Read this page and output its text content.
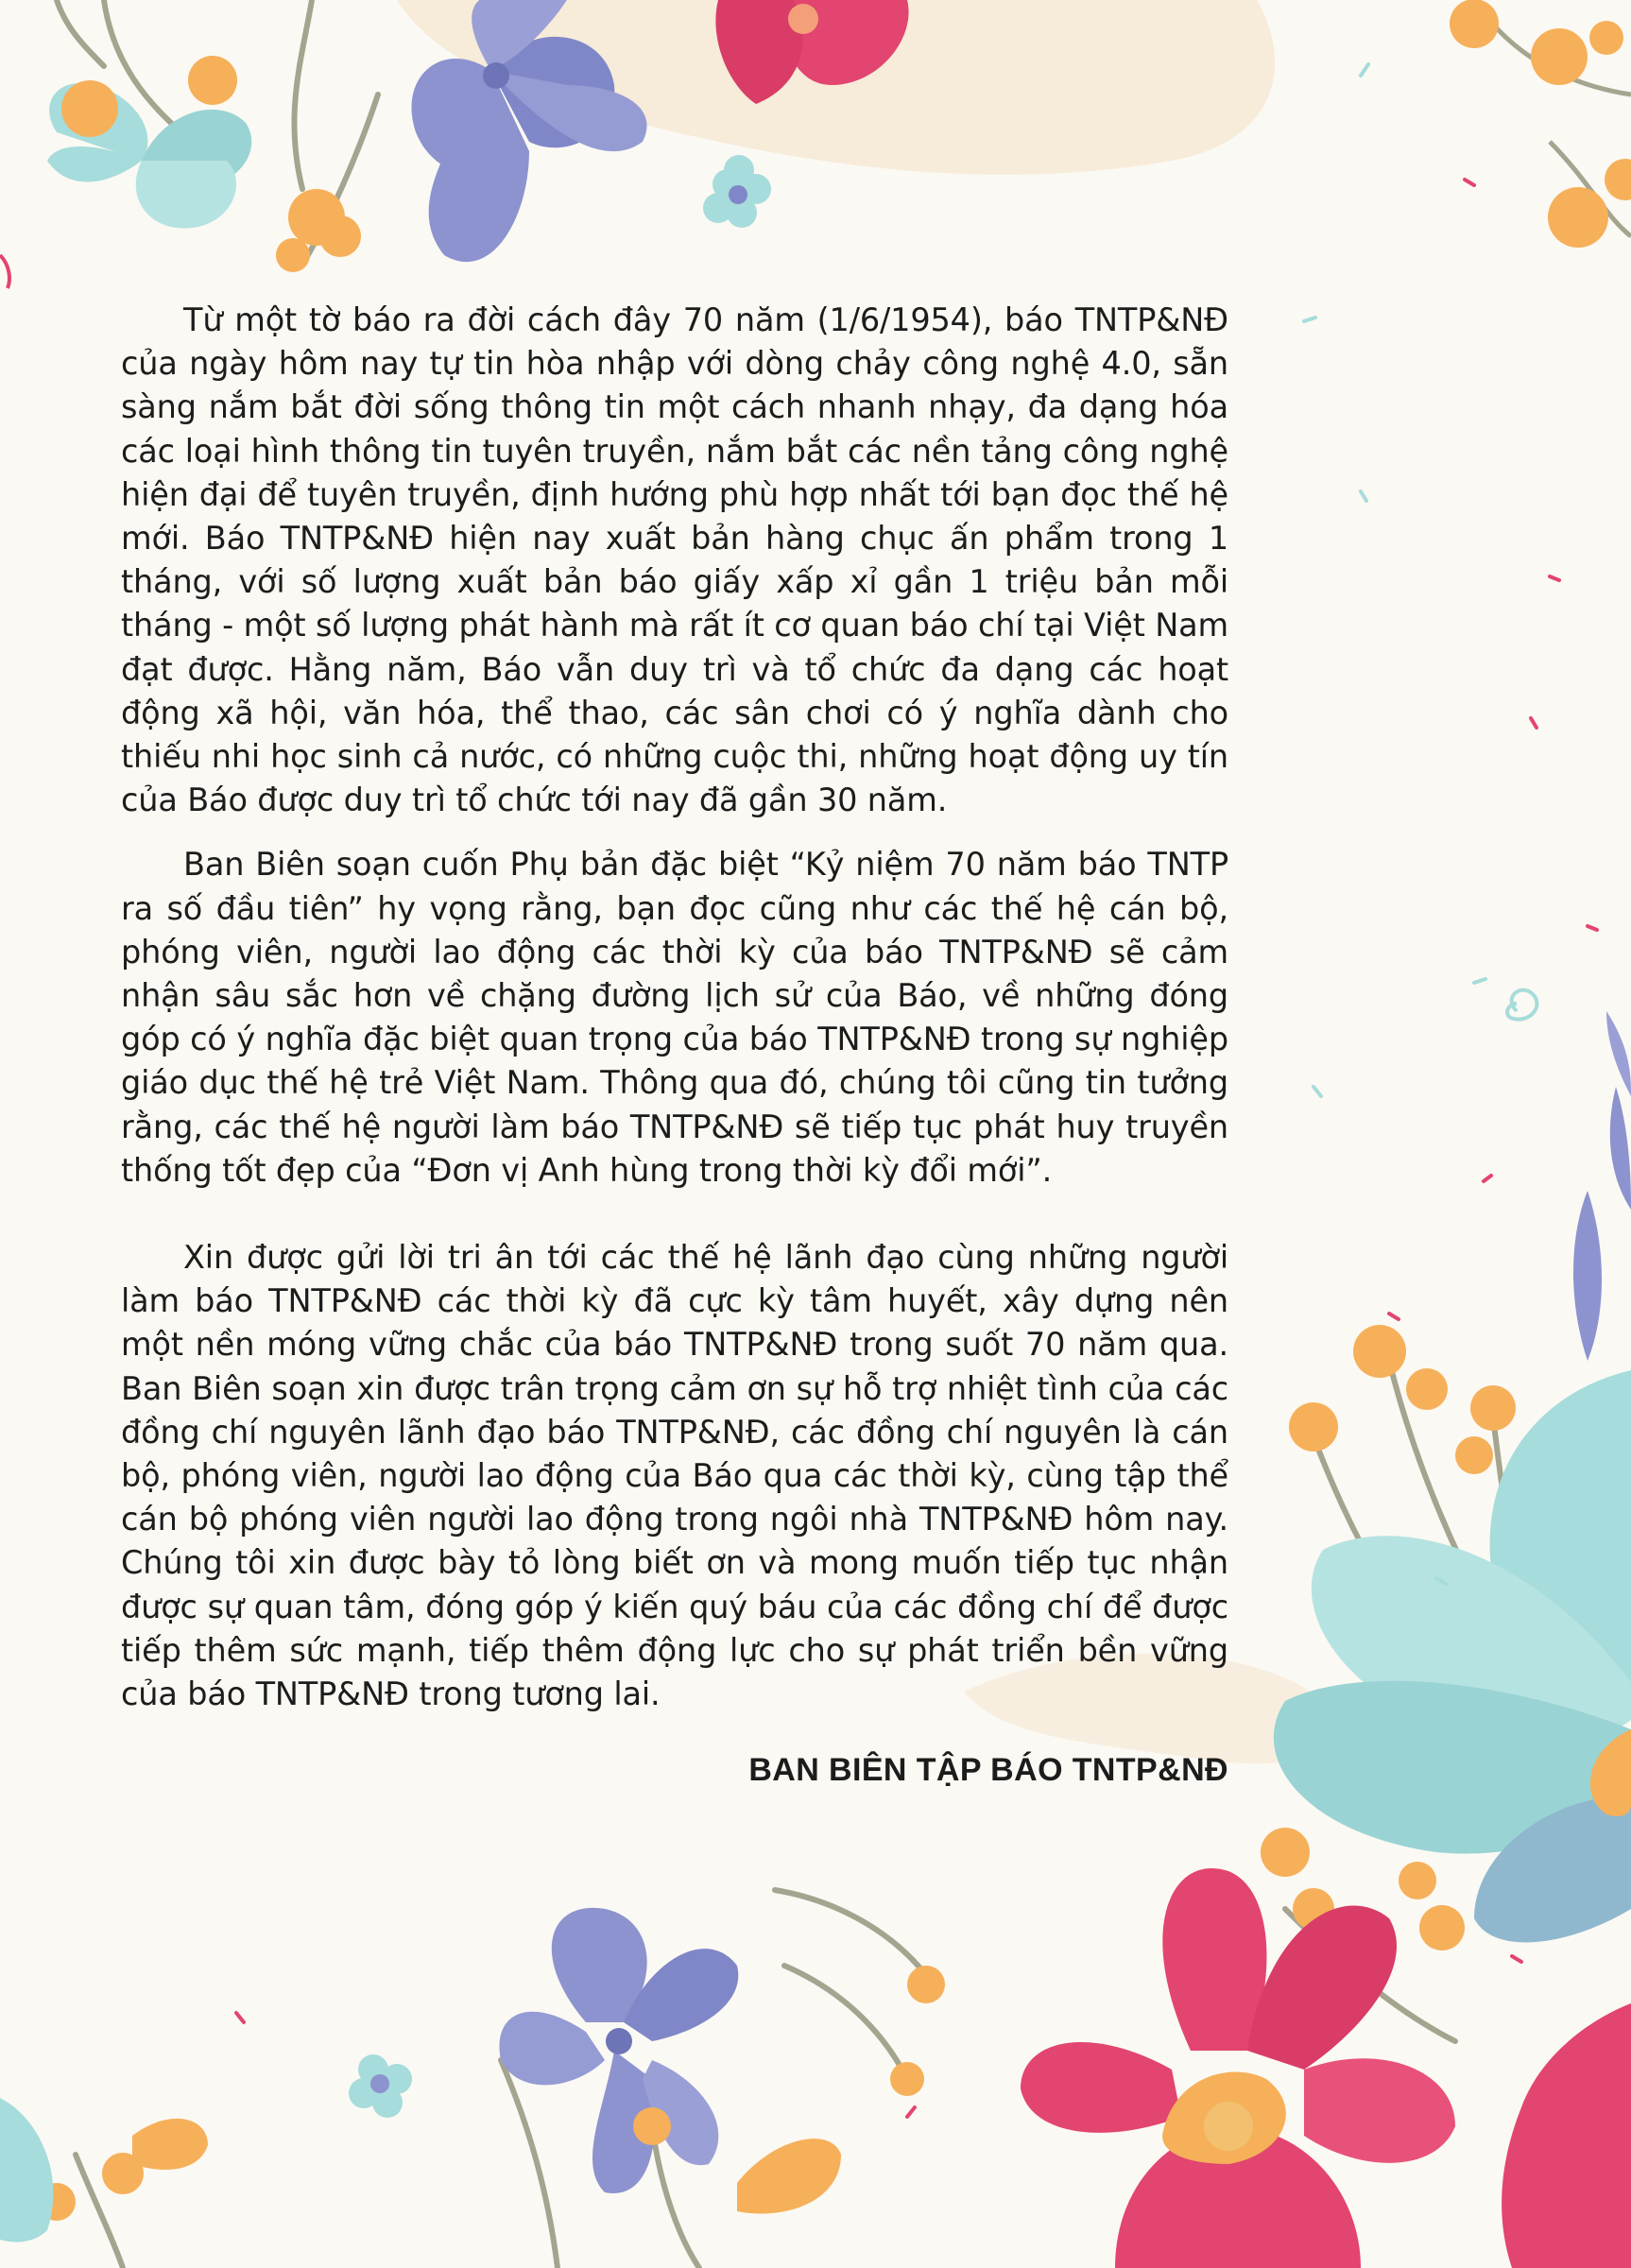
Từ một tờ báo ra đời cách đây 70 năm (1/6/1954), báo TNTP&NĐ của ngày hôm nay tự tin hòa nhập với dòng chảy công nghệ 4.0, sẵn sàng nắm bắt đời sống thông tin một cách nhanh nhạy, đa dạng hóa các loại hình thông tin tuyên truyền, nắm bắt các nền tảng công nghệ hiện đại để tuyên truyền, định hướng phù hợp nhất tới bạn đọc thế hệ mới. Báo TNTP&NĐ hiện nay xuất bản hàng chục ấn phẩm trong 1 tháng, với số lượng xuất bản báo giấy xấp xỉ gần 1 triệu bản mỗi tháng - một số lượng phát hành mà rất ít cơ quan báo chí tại Việt Nam đạt được. Hằng năm, Báo vẫn duy trì và tổ chức đa dạng các hoạt động xã hội, văn hóa, thể thao, các sân chơi có ý nghĩa dành cho thiếu nhi học sinh cả nước, có những cuộc thi, những hoạt động uy tín của Báo được duy trì tổ chức tới nay đã gần 30 năm.

Ban Biên soạn cuốn Phụ bản đặc biệt “Kỷ niệm 70 năm báo TNTP ra số đầu tiên” hy vọng rằng, bạn đọc cũng như các thế hệ cán bộ, phóng viên, người lao động các thời kỳ của báo TNTP&NĐ sẽ cảm nhận sâu sắc hơn về chặng đường lịch sử của Báo, về những đóng góp có ý nghĩa đặc biệt quan trọng của báo TNTP&NĐ trong sự nghiệp giáo dục thế hệ trẻ Việt Nam. Thông qua đó, chúng tôi cũng tin tưởng rằng, các thế hệ người làm báo TNTP&NĐ sẽ tiếp tục phát huy truyền thống tốt đẹp của “Đơn vị Anh hùng trong thời kỳ đổi mới”.

Xin được gửi lời tri ân tới các thế hệ lãnh đạo cùng những người làm báo TNTP&NĐ các thời kỳ đã cực kỳ tâm huyết, xây dựng nên một nền móng vững chắc của báo TNTP&NĐ trong suốt 70 năm qua. Ban Biên soạn xin được trân trọng cảm ơn sự hỗ trợ nhiệt tình của các đồng chí nguyên lãnh đạo báo TNTP&NĐ, các đồng chí nguyên là cán bộ, phóng viên, người lao động của Báo qua các thời kỳ, cùng tập thể cán bộ phóng viên người lao động trong ngôi nhà TNTP&NĐ hôm nay. Chúng tôi xin được bày tỏ lòng biết ơn và mong muốn tiếp tục nhận được sự quan tâm, đóng góp ý kiến quý báu của các đồng chí để được tiếp thêm sức mạnh, tiếp thêm động lực cho sự phát triển bền vững của báo TNTP&NĐ trong tương lai.

BAN BIÊN TẬP BÁO TNTP&NĐ
